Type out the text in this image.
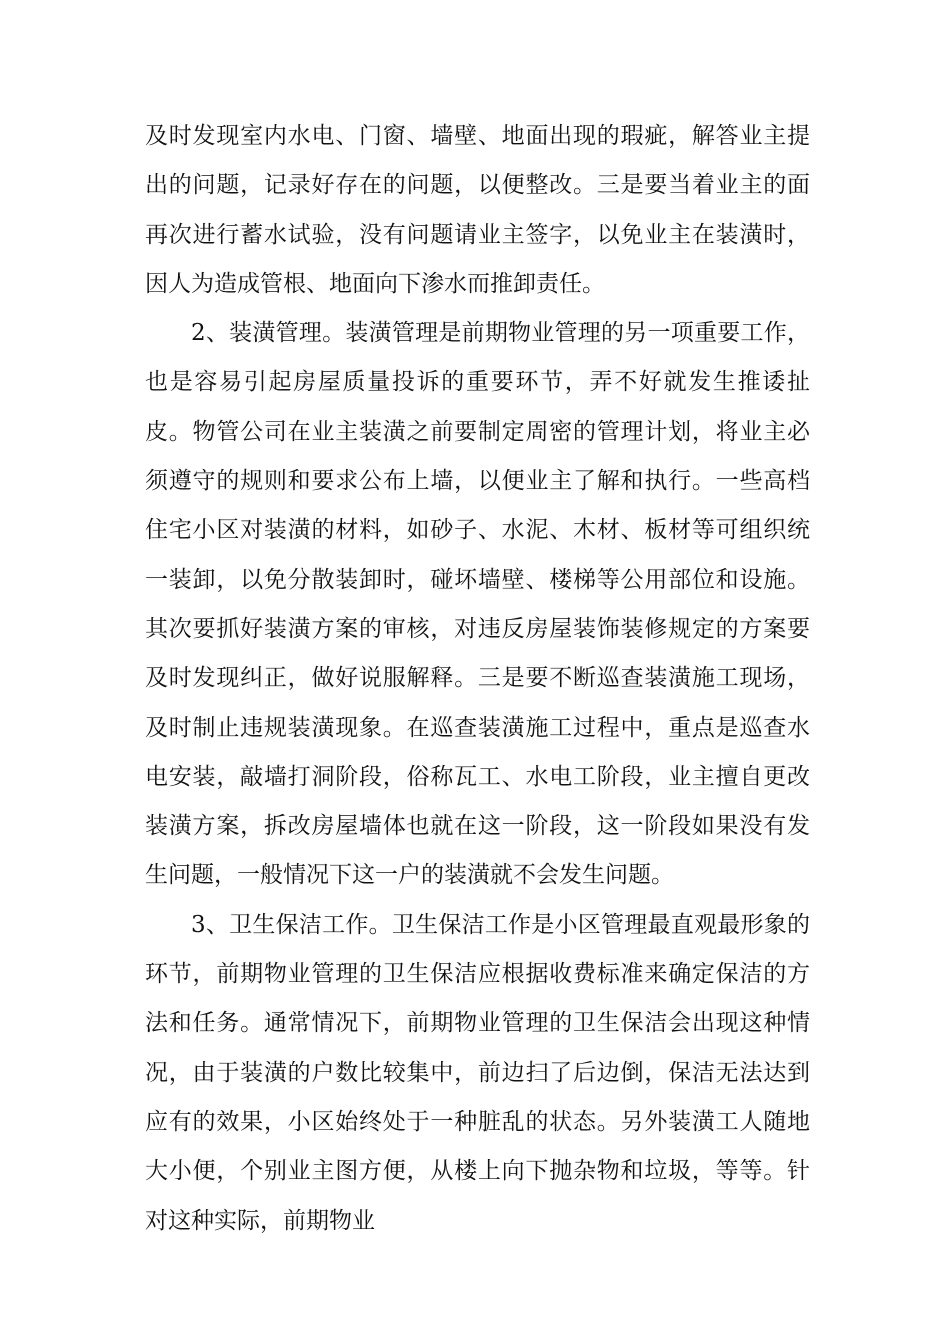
及时发现室内水电、门窗、墙壁、地面出现的瑕疵，解答业主提出的问题，记录好存在的问题，以便整改。三是要当着业主的面再次进行蓄水试验，没有问题请业主签字，以免业主在装潢时，因人为造成管根、地面向下渗水而推卸责任。

2、装潢管理。装潢管理是前期物业管理的另一项重要工作，也是容易引起房屋质量投诉的重要环节，弄不好就发生推诿扯皮。物管公司在业主装潢之前要制定周密的管理计划，将业主必须遵守的规则和要求公布上墙，以便业主了解和执行。一些高档住宅小区对装潢的材料，如砂子、水泥、木材、板材等可组织统一装卸，以免分散装卸时，碰坏墙壁、楼梯等公用部位和设施。其次要抓好装潢方案的审核，对违反房屋装饰装修规定的方案要及时发现纠正，做好说服解释。三是要不断巡查装潢施工现场，及时制止违规装潢现象。在巡查装潢施工过程中，重点是巡查水电安装，敲墙打洞阶段，俗称瓦工、水电工阶段，业主擅自更改装潢方案，拆改房屋墙体也就在这一阶段，这一阶段如果没有发生问题，一般情况下这一户的装潢就不会发生问题。

3、卫生保洁工作。卫生保洁工作是小区管理最直观最形象的环节，前期物业管理的卫生保洁应根据收费标准来确定保洁的方法和任务。通常情况下，前期物业管理的卫生保洁会出现这种情况，由于装潢的户数比较集中，前边扫了后边倒，保洁无法达到应有的效果，小区始终处于一种脏乱的状态。另外装潢工人随地大小便，个别业主图方便，从楼上向下抛杂物和垃圾，等等。针对这种实际，前期物业
